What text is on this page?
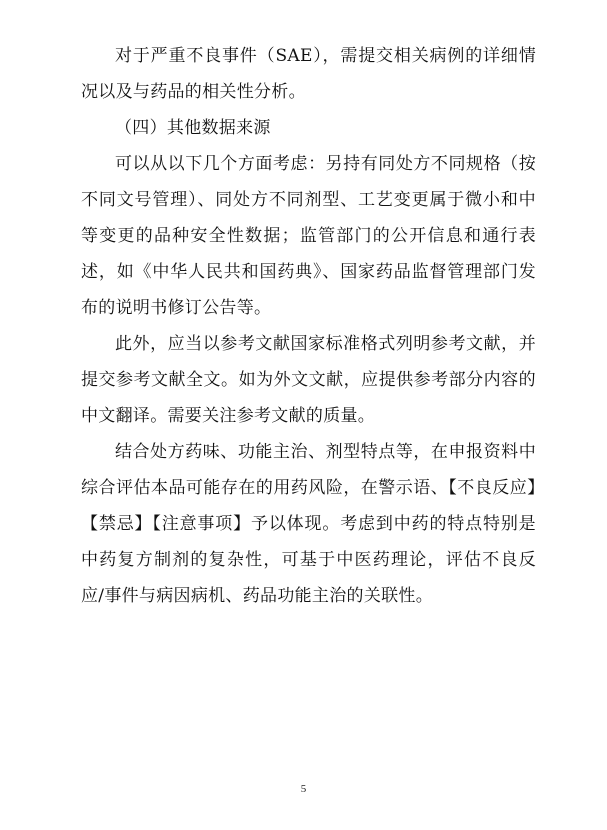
对于严重不良事件（SAE），需提交相关病例的详细情况以及与药品的相关性分析。

（四）其他数据来源

可以从以下几个方面考虑：另持有同处方不同规格（按不同文号管理）、同处方不同剂型、工艺变更属于微小和中等变更的品种安全性数据；监管部门的公开信息和通行表述，如《中华人民共和国药典》、国家药品监督管理部门发布的说明书修订公告等。

此外，应当以参考文献国家标准格式列明参考文献，并提交参考文献全文。如为外文文献，应提供参考部分内容的中文翻译。需要关注参考文献的质量。

结合处方药味、功能主治、剂型特点等，在申报资料中综合评估本品可能存在的用药风险，在警示语、【不良反应】【禁忌】【注意事项】予以体现。考虑到中药的特点特别是中药复方制剂的复杂性，可基于中医药理论，评估不良反应/事件与病因病机、药品功能主治的关联性。

5
